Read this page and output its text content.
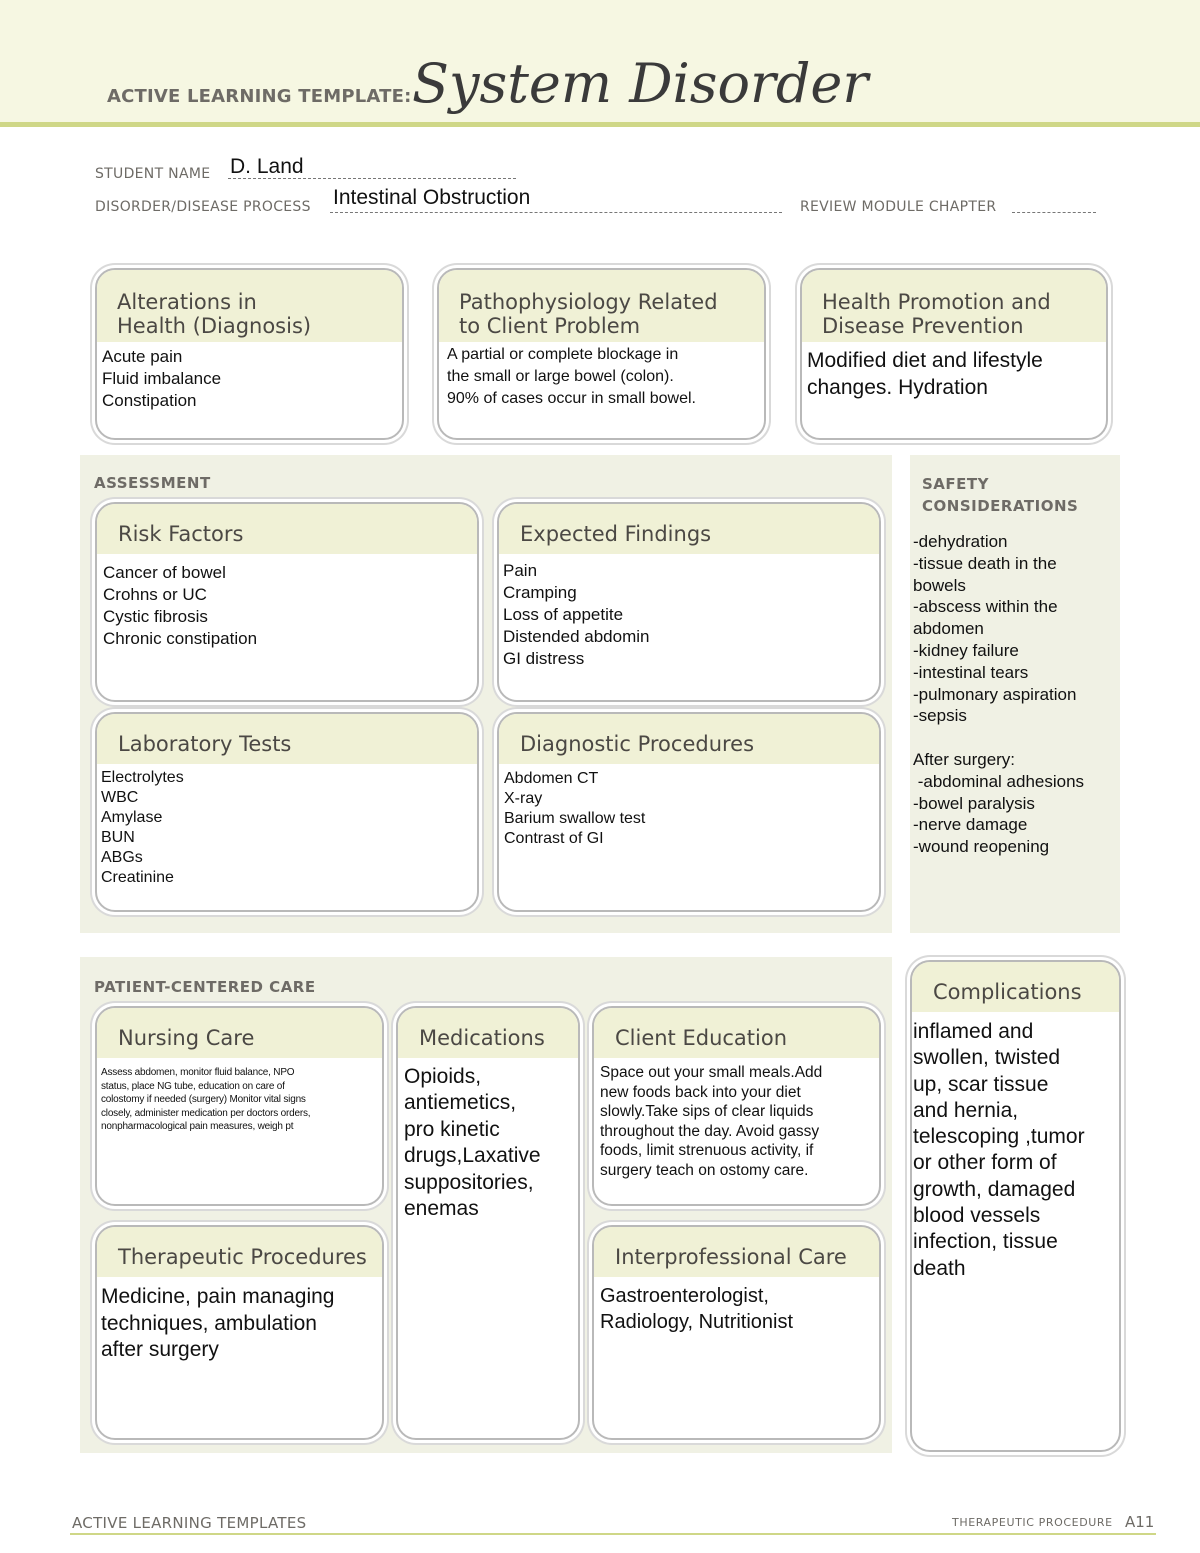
ACTIVE LEARNING TEMPLATE: System Disorder
STUDENT NAME D. Land
DISORDER/DISEASE PROCESS Intestinal Obstruction	REVIEW MODULE CHAPTER
Alterations in
Health (Diagnosis)
Acute pain
Fluid imbalance
Constipation
Pathophysiology Related
to Client Problem
A partial or complete blockage in
the small or large bowel (colon).
90% of cases occur in small bowel.
Health Promotion and
Disease Prevention
Modified diet and lifestyle
changes. Hydration
ASSESSMENT
Risk Factors
Cancer of bowel
Crohns or UC
Cystic fibrosis
Chronic constipation
Expected Findings
Pain
Cramping
Loss of appetite
Distended abdomin
GI distress
Laboratory Tests
Electrolytes
WBC
Amylase
BUN
ABGs
Creatinine
Diagnostic Procedures
Abdomen CT
X-ray
Barium swallow test
Contrast of GI
SAFETY
CONSIDERATIONS
-dehydration
-tissue death in the
bowels
-abscess within the
abdomen
-kidney failure
-intestinal tears
-pulmonary aspiration
-sepsis
After surgery:
-abdominal adhesions
-bowel paralysis
-nerve damage
-wound reopening
PATIENT-CENTERED CARE
Nursing Care
Assess abdomen, monitor fluid balance, NPO
status, place NG tube, education on care of
colostomy if needed (surgery) Monitor vital signs
closely, administer medication per doctors orders,
nonpharmacological pain measures, weigh pt
Medications
Opioids,
antiemetics,
pro kinetic
drugs,Laxative
suppositories,
enemas
Client Education
Space out your small meals.Add
new foods back into your diet
slowly.Take sips of clear liquids
throughout the day. Avoid gassy
foods, limit strenuous activity, if
surgery teach on ostomy care.
Therapeutic Procedures
Medicine, pain managing
techniques, ambulation
after surgery
Interprofessional Care
Gastroenterologist,
Radiology, Nutritionist
Complications
inflamed and
swollen, twisted
up, scar tissue
and hernia,
telescoping ,tumor
or other form of
growth, damaged
blood vessels
infection, tissue
death
ACTIVE LEARNING TEMPLATES	THERAPEUTIC PROCEDURE A11
